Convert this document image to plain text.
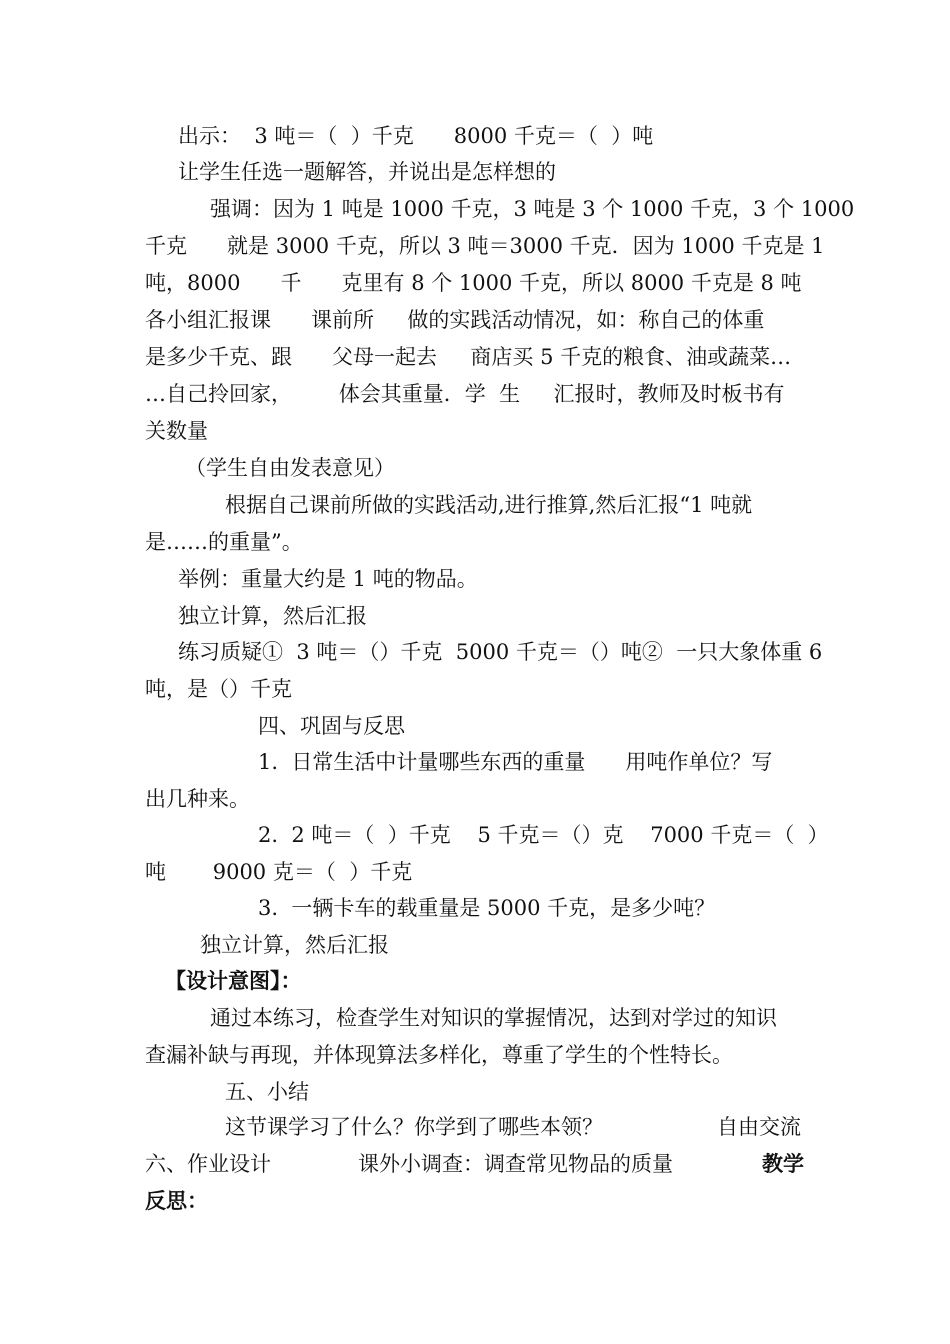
出示：  3 吨＝（  ）千克      8000 千克＝（  ）吨

让学生任选一题解答，并说出是怎样想的

强调：因为 1 吨是 1000 千克，3 吨是 3 个 1000 千克，3 个 1000

千克      就是 3000 千克，所以 3 吨＝3000 千克．因为 1000 千克是 1

吨，8000      千      克里有 8 个 1000 千克，所以 8000 千克是 8 吨

各小组汇报课      课前所     做的实践活动情况，如：称自己的体重

是多少千克、跟      父母一起去     商店买 5 千克的粮食、油或蔬菜…

…自己拎回家，       体会其重量．学  生     汇报时，教师及时板书有

关数量

（学生自由发表意见）

根据自己课前所做的实践活动,进行推算,然后汇报“1 吨就

是……的重量”。

举例：重量大约是 1 吨的物品。

独立计算，然后汇报

练习质疑①  3 吨＝（）千克  5000 千克＝（）吨②  一只大象体重 6

吨，是（）千克

四、巩固与反思

1.  日常生活中计量哪些东西的重量      用吨作单位？写

出几种来。

2.  2 吨＝（  ）千克    5 千克＝（）克    7000 千克＝（  ）

吨       9000 克＝（  ）千克

3.  一辆卡车的载重量是 5000 千克，是多少吨？

独立计算，然后汇报

【设计意图】：

通过本练习，检查学生对知识的掌握情况，达到对学过的知识

查漏补缺与再现，并体现算法多样化，尊重了学生的个性特长。

五、小结

这节课学习了什么？你学到了哪些本领？	自由交流

六、作业设计	课外小调查：调查常见物品的质量	教学

反思：
